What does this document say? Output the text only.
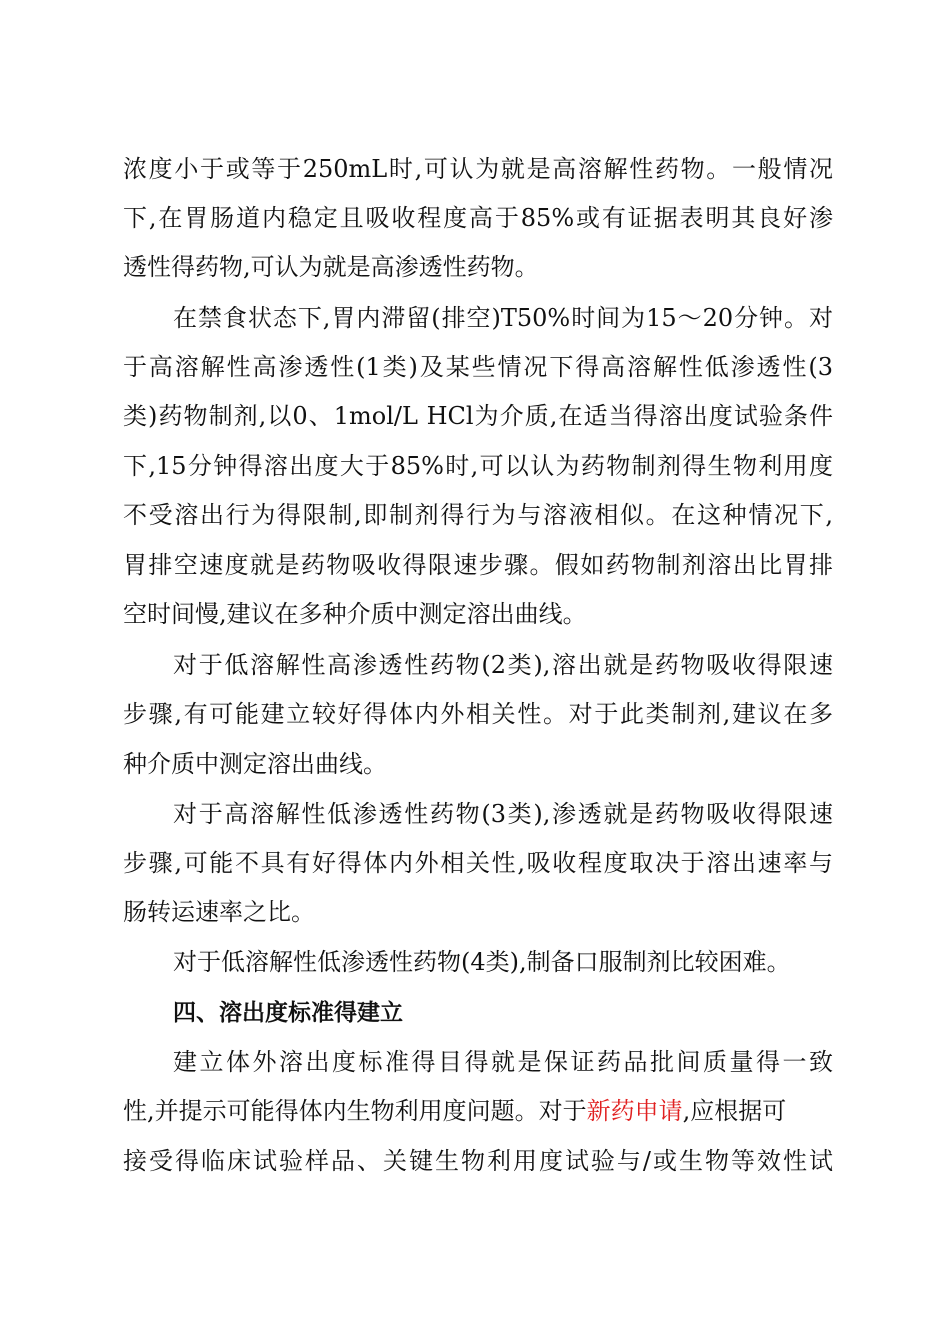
浓度小于或等于250mL时,可认为就是高溶解性药物。一般情况
下,在胃肠道内稳定且吸收程度高于85%或有证据表明其良好渗
透性得药物,可认为就是高渗透性药物。
在禁食状态下,胃内滞留(排空)T50%时间为15～20分钟。对
于高溶解性高渗透性(1类)及某些情况下得高溶解性低渗透性(3
类)药物制剂,以0、1mol/L HCl为介质,在适当得溶出度试验条件
下,15分钟得溶出度大于85%时,可以认为药物制剂得生物利用度
不受溶出行为得限制,即制剂得行为与溶液相似。在这种情况下,
胃排空速度就是药物吸收得限速步骤。假如药物制剂溶出比胃排
空时间慢,建议在多种介质中测定溶出曲线。
对于低溶解性高渗透性药物(2类),溶出就是药物吸收得限速
步骤,有可能建立较好得体内外相关性。对于此类制剂,建议在多
种介质中测定溶出曲线。
对于高溶解性低渗透性药物(3类),渗透就是药物吸收得限速
步骤,可能不具有好得体内外相关性,吸收程度取决于溶出速率与
肠转运速率之比。
对于低溶解性低渗透性药物(4类),制备口服制剂比较困难。
四、溶出度标准得建立
建立体外溶出度标准得目得就是保证药品批间质量得一致
性,并提示可能得体内生物利用度问题。对于新药申请,应根据可
接受得临床试验样品、关键生物利用度试验与/或生物等效性试
